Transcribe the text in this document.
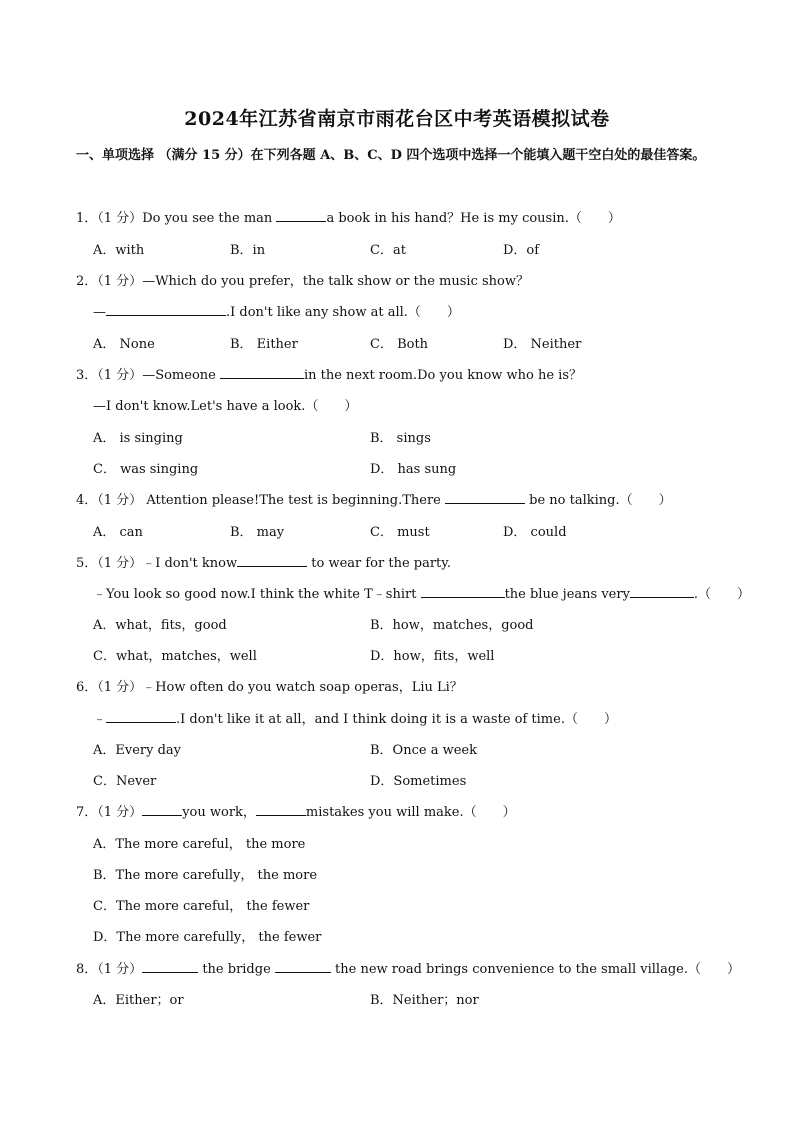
2024年江苏省南京市雨花台区中考英语模拟试卷
一、单项选择 （满分 15 分）在下列各题 A、B、C、D 四个选项中选择一个能填入题干空白处的最佳答案。
1．（1 分）Do you see the man	a book in his hand？He is my cousin.（　　）
A．with	B．in	C．at	D．of
2．（1 分）—Which do you prefer，the talk show or the music show？
—	.I don't like any show at all.（　　）
A． None	B． Either	C． Both	D． Neither
3．（1 分）—Someone	in the next room.Do you know who he is？
—I don't know.Let's have a look.（　　）
A． is singing	B． sings
C． was singing	D． has sung
4．（1 分） Attention please!The test is beginning.There	be no talking.（　　）
A． can	B． may	C． must	D． could
5．（1 分）﹣I don't know	to wear for the party.
﹣You look so good now.I think the white T﹣shirt	the blue jeans very	.（　　）
A．what，fits，good	B．how，matches，good
C．what，matches，well	D．how，fits，well
6．（1 分）﹣How often do you watch soap operas，Liu Li？
﹣	.I don't like it at all，and I think doing it is a waste of time.（　　）
A．Every day	B．Once a week
C．Never	D．Sometimes
7．（1 分）	you work，	mistakes you will make.（　　）
A．The more careful， the more
B．The more carefully， the more
C．The more careful， the fewer
D．The more carefully， the fewer
8．（1 分）	the bridge	the new road brings convenience to the small village.（　　）
A．Either；or	B．Neither；nor
